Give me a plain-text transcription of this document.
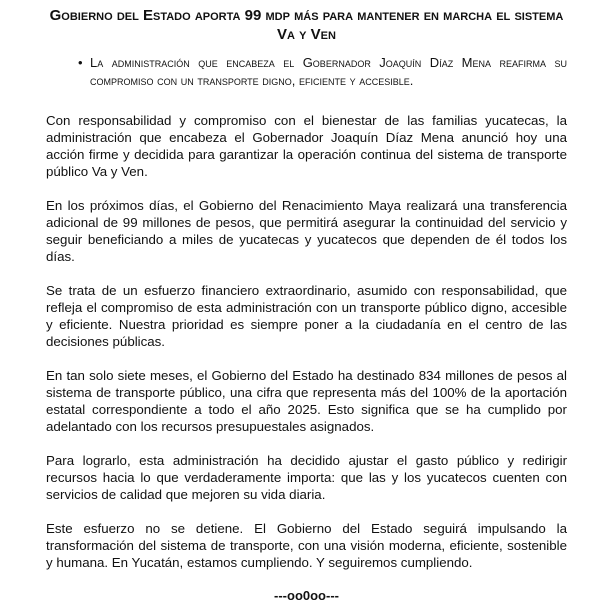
Gobierno del Estado aporta 99 mdp más para mantener en marcha el sistema Va y Ven
• La administración que encabeza el Gobernador Joaquín Díaz Mena reafirma su compromiso con un transporte digno, eficiente y accesible.

Con responsabilidad y compromiso con el bienestar de las familias yucatecas, la administración que encabeza el Gobernador Joaquín Díaz Mena anunció hoy una acción firme y decidida para garantizar la operación continua del sistema de transporte público Va y Ven.

En los próximos días, el Gobierno del Renacimiento Maya realizará una transferencia adicional de 99 millones de pesos, que permitirá asegurar la continuidad del servicio y seguir beneficiando a miles de yucatecas y yucatecos que dependen de él todos los días.

Se trata de un esfuerzo financiero extraordinario, asumido con responsabilidad, que refleja el compromiso de esta administración con un transporte público digno, accesible y eficiente. Nuestra prioridad es siempre poner a la ciudadanía en el centro de las decisiones públicas.

En tan solo siete meses, el Gobierno del Estado ha destinado 834 millones de pesos al sistema de transporte público, una cifra que representa más del 100% de la aportación estatal correspondiente a todo el año 2025. Esto significa que se ha cumplido por adelantado con los recursos presupuestales asignados.

Para lograrlo, esta administración ha decidido ajustar el gasto público y redirigir recursos hacia lo que verdaderamente importa: que las y los yucatecos cuenten con servicios de calidad que mejoren su vida diaria.

Este esfuerzo no se detiene. El Gobierno del Estado seguirá impulsando la transformación del sistema de transporte, con una visión moderna, eficiente, sostenible y humana. En Yucatán, estamos cumpliendo. Y seguiremos cumpliendo.

---oo0oo---
